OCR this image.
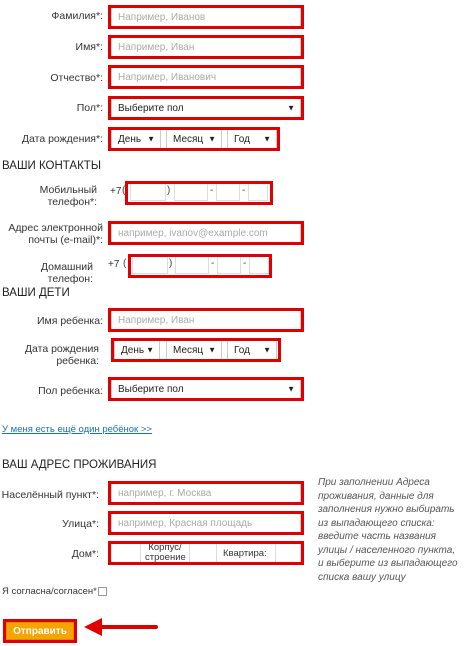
Фамилия*:	Например, Иванов
Имя*:	Например, Иван
Отчество*:	Например, Иванович
Пол*: Выберите пол	▼
Дата рождения*: День ▼ Месяц ▼ Год ▼
ВАШИ КОНТАКТЫ
Мобильный
телефон*:
+7 (	)	-	-
Адрес электронной
почты (e-mail)*:
например, ivanov@example.com
Домашний телефон:
+7 (	)	-	-
ВАШИ ДЕТИ
Имя ребенка:	Например, Иван
Дата рождения
ребенка:
День ▼ Месяц ▼ Год ▼
Пол ребенка: Выберите пол	▼
У меня есть ещё один ребёнок >>
ВАШ АДРЕС ПРОЖИВАНИЯ
Населённый пункт*:	например, г. Москва
Улица*:	например, Красная площадь
Дом*:
Корпус/
строение	Квартира:
При заполнении Адреса проживания, данные для заполнения нужно выбирать из выпадающего списка: введите часть названия улицы / населенного пункта, и выберите из выпадающего списка вашу улицу
Я согласна/согласен*
Отправить
